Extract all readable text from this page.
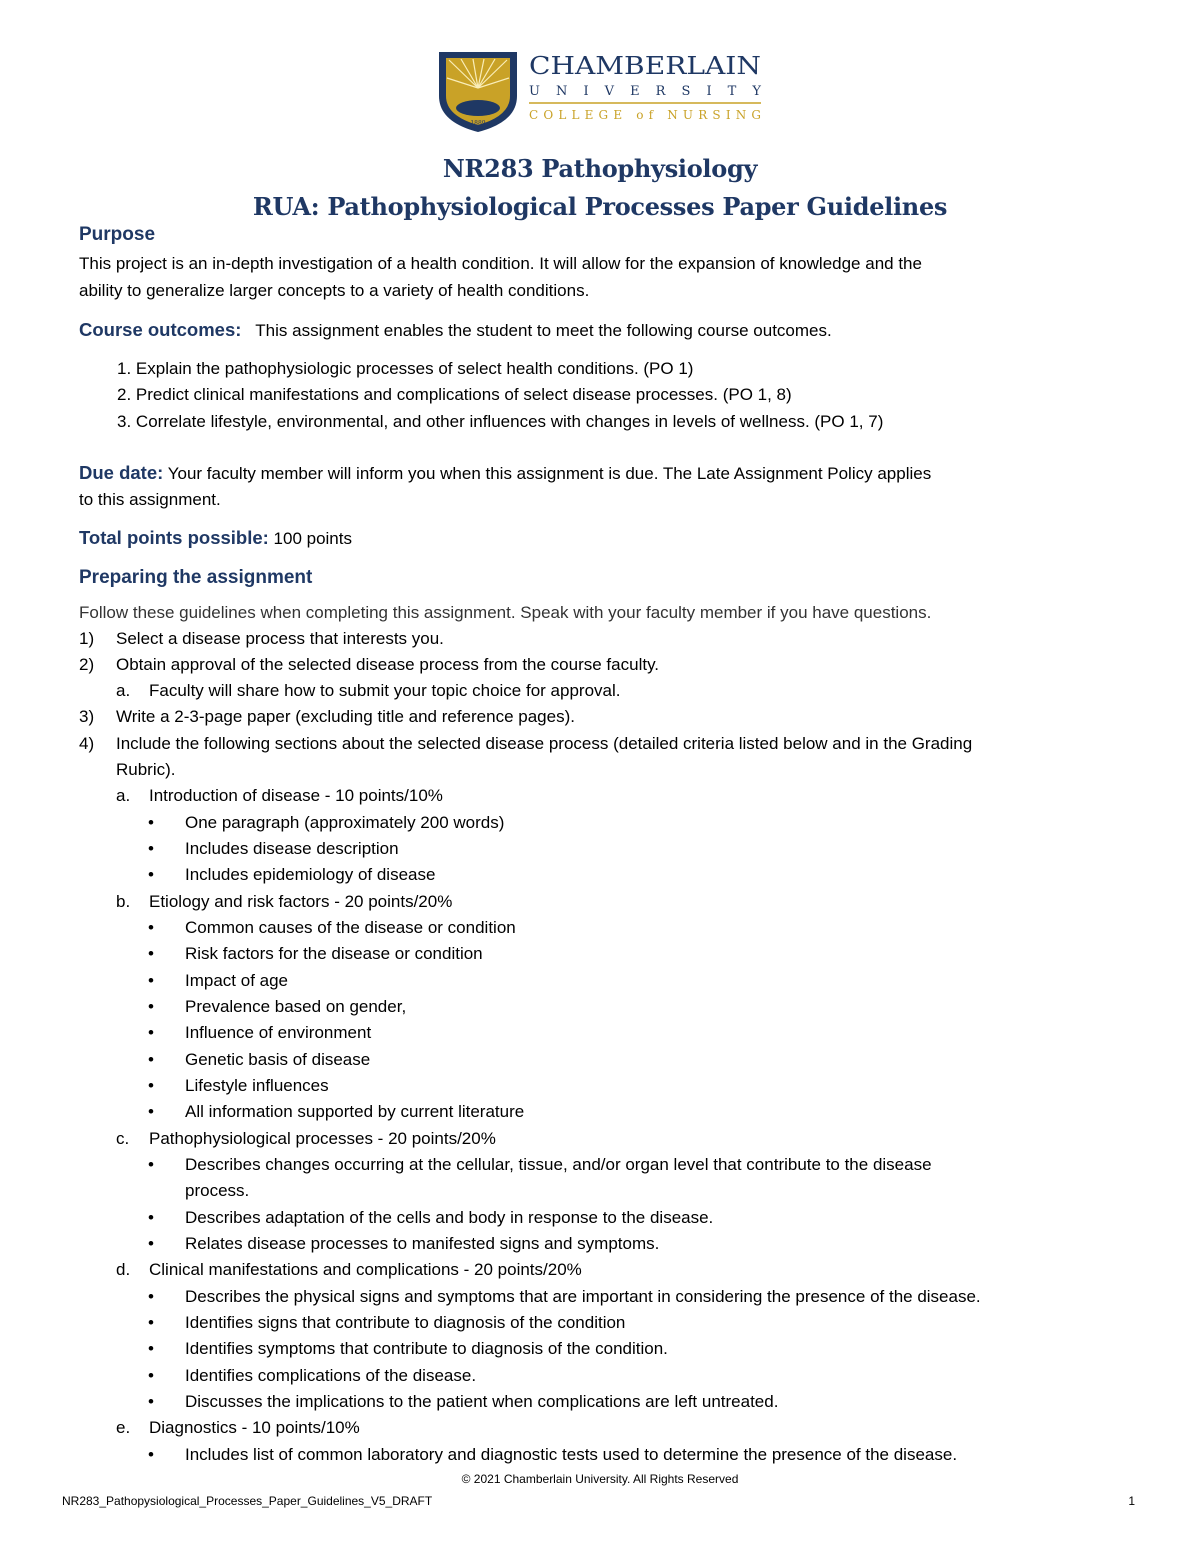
1889
CHAMBERLAIN
UNIVERSITY
COLLEGE of NURSING
NR283 Pathophysiology
RUA: Pathophysiological Processes Paper Guidelines
Purpose
This project is an in-depth investigation of a health condition. It will allow for the expansion of knowledge and the
ability to generalize larger concepts to a variety of health conditions.
Course outcomes: This assignment enables the student to meet the following course outcomes.
1. Explain the pathophysiologic processes of select health conditions. (PO 1)
2. Predict clinical manifestations and complications of select disease processes. (PO 1, 8)
3. Correlate lifestyle, environmental, and other influences with changes in levels of wellness. (PO 1, 7)
Due date: Your faculty member will inform you when this assignment is due. The Late Assignment Policy applies
to this assignment.
Total points possible: 100 points
Preparing the assignment
Follow these guidelines when completing this assignment. Speak with your faculty member if you have questions.
1) Select a disease process that interests you.
2) Obtain approval of the selected disease process from the course faculty.
a. Faculty will share how to submit your topic choice for approval.
3) Write a 2-3-page paper (excluding title and reference pages).
4) Include the following sections about the selected disease process (detailed criteria listed below and in the Grading
Rubric).
a. Introduction of disease - 10 points/10%
• One paragraph (approximately 200 words)
• Includes disease description
• Includes epidemiology of disease
b. Etiology and risk factors - 20 points/20%
• Common causes of the disease or condition
• Risk factors for the disease or condition
• Impact of age
• Prevalence based on gender,
• Influence of environment
• Genetic basis of disease
• Lifestyle influences
• All information supported by current literature
c. Pathophysiological processes - 20 points/20%
• Describes changes occurring at the cellular, tissue, and/or organ level that contribute to the disease
process.
• Describes adaptation of the cells and body in response to the disease.
• Relates disease processes to manifested signs and symptoms.
d. Clinical manifestations and complications - 20 points/20%
• Describes the physical signs and symptoms that are important in considering the presence of the disease.
• Identifies signs that contribute to diagnosis of the condition
• Identifies symptoms that contribute to diagnosis of the condition.
• Identifies complications of the disease.
• Discusses the implications to the patient when complications are left untreated.
e. Diagnostics - 10 points/10%
• Includes list of common laboratory and diagnostic tests used to determine the presence of the disease.
© 2021 Chamberlain University. All Rights Reserved
NR283_Pathopysiological_Processes_Paper_Guidelines_V5_DRAFT	1
